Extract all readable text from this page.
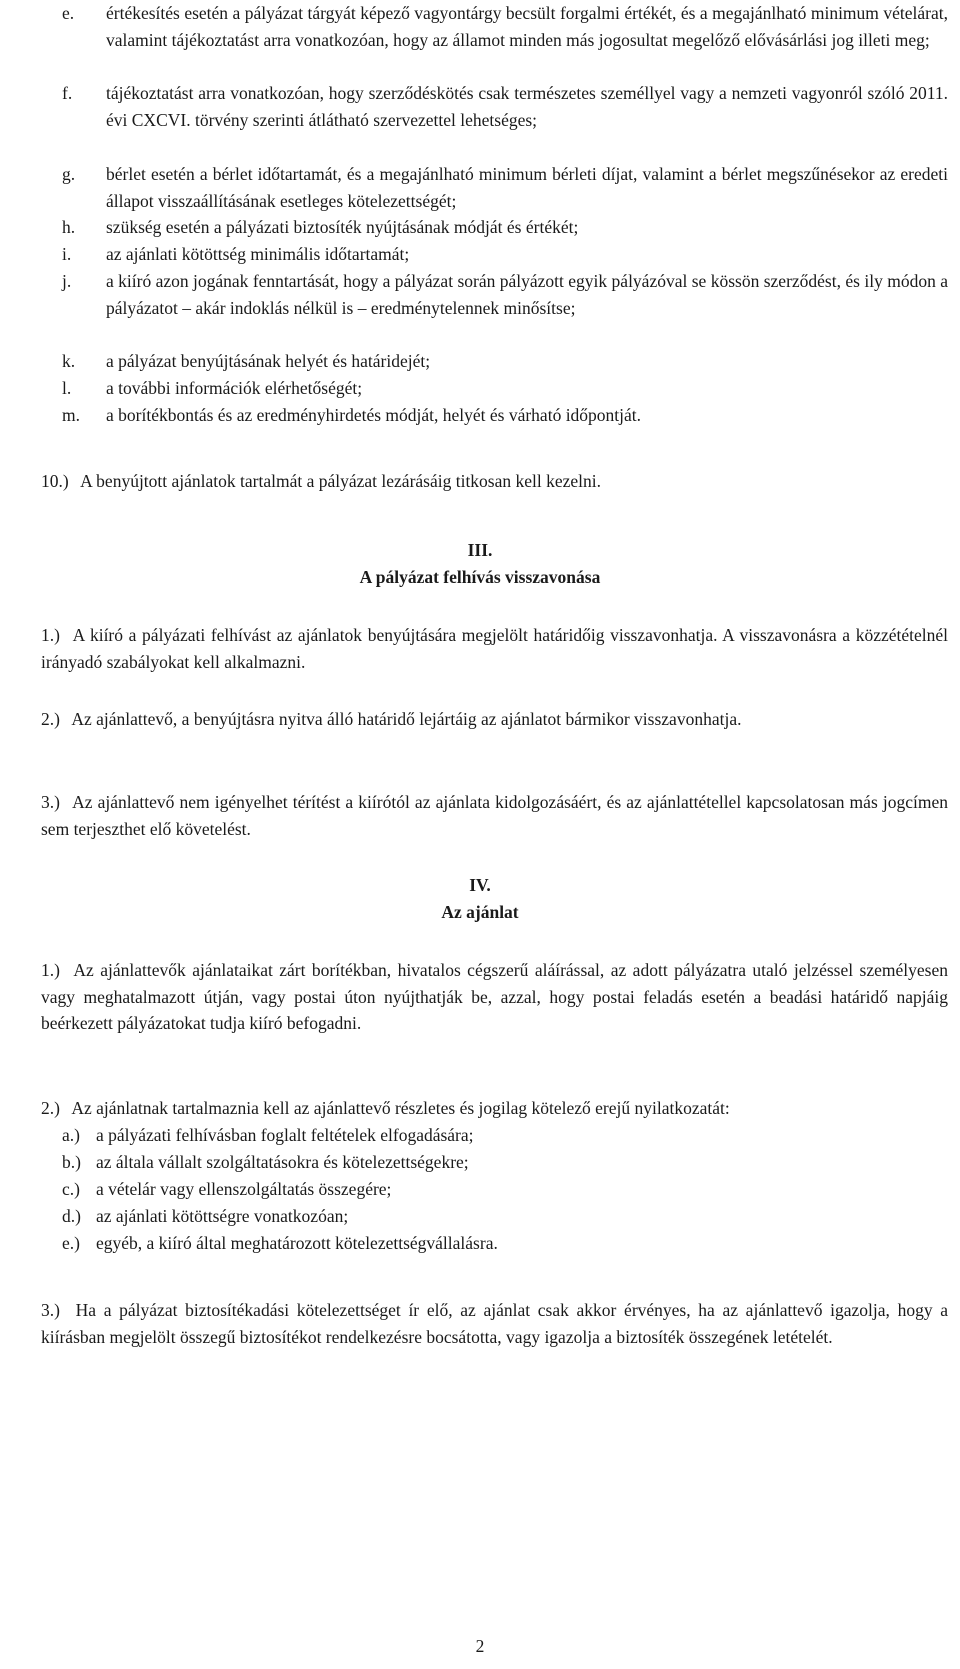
e. értékesítés esetén a pályázat tárgyát képező vagyontárgy becsült forgalmi értékét, és a megajánlható minimum vételárat, valamint tájékoztatást arra vonatkozóan, hogy az államot minden más jogosultat megelőző elővásárlási jog illeti meg;
f. tájékoztatást arra vonatkozóan, hogy szerződéskötés csak természetes személlyel vagy a nemzeti vagyonról szóló 2011. évi CXCVI. törvény szerinti átlátható szervezettel lehetséges;
g. bérlet esetén a bérlet időtartamát, és a megajánlható minimum bérleti díjat, valamint a bérlet megszűnésekor az eredeti állapot visszaállításának esetleges kötelezettségét;
h. szükség esetén a pályázati biztosíték nyújtásának módját és értékét;
i. az ajánlati kötöttség minimális időtartamát;
j. a kiíró azon jogának fenntartását, hogy a pályázat során pályázott egyik pályázóval se kössön szerződést, és ily módon a pályázatot – akár indoklás nélkül is – eredménytelennek minősítse;
k. a pályázat benyújtásának helyét és határidejét;
l. a további információk elérhetőségét;
m. a borítékbontás és az eredményhirdetés módját, helyét és várható időpontját.
10.) A benyújtott ajánlatok tartalmát a pályázat lezárásáig titkosan kell kezelni.
III.
A pályázat felhívás visszavonása
1.) A kiíró a pályázati felhívást az ajánlatok benyújtására megjelölt határidőig visszavonhatja. A visszavonásra a közzétételnél irányadó szabályokat kell alkalmazni.
2.) Az ajánlattevő, a benyújtásra nyitva álló határidő lejártáig az ajánlatot bármikor visszavonhatja.
3.) Az ajánlattevő nem igényelhet térítést a kiírótól az ajánlata kidolgozásáért, és az ajánlattétellel kapcsolatosan más jogcímen sem terjeszthet elő követelést.
IV.
Az ajánlat
1.) Az ajánlattevők ajánlataikat zárt borítékban, hivatalos cégszerű aláírással, az adott pályázatra utaló jelzéssel személyesen vagy meghatalmazott útján, vagy postai úton nyújthatják be, azzal, hogy postai feladás esetén a beadási határidő napjáig beérkezett pályázatokat tudja kiíró befogadni.
2.) Az ajánlatnak tartalmaznia kell az ajánlattevő részletes és jogilag kötelező erejű nyilatkozatát:
a.) a pályázati felhívásban foglalt feltételek elfogadására;
b.) az általa vállalt szolgáltatásokra és kötelezettségekre;
c.) a vételár vagy ellenszolgáltatás összegére;
d.) az ajánlati kötöttségre vonatkozóan;
e.) egyéb, a kiíró által meghatározott kötelezettségvállalásra.
3.) Ha a pályázat biztosítékadási kötelezettséget ír elő, az ajánlat csak akkor érvényes, ha az ajánlattevő igazolja, hogy a kiírásban megjelölt összegű biztosítékot rendelkezésre bocsátotta, vagy igazolja a biztosíték összegének letételét.
2
